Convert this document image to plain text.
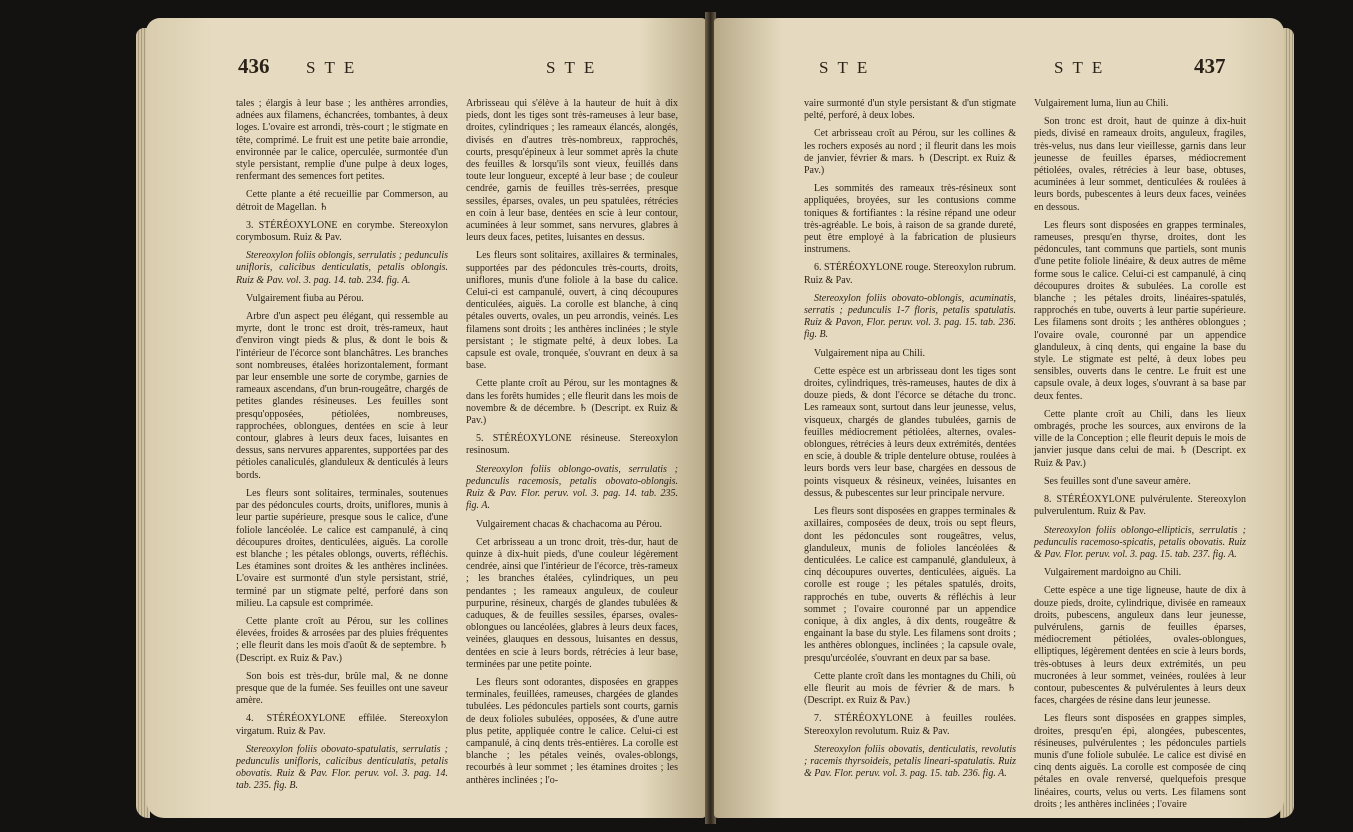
436 STE	STE

tales ; élargis à leur base ; les anthères arrondies, adnées aux filamens, échancrées, tombantes, à deux loges. L'ovaire est arrondi, très-court ; le stigmate en tête, comprimé. Le fruit est une petite baie arrondie, environnée par le calice, operculée, surmontée d'un style persistant, remplie d'une pulpe à deux loges, renfermant des semences fort petites.

Cette plante a été recueillie par Commerson, au détroit de Magellan. ♄

3. STÉRÉOXYLONE en corymbe. Stereoxylon corymbosum. Ruiz & Pav.

Stereoxylon foliis oblongis, serrulatis ; pedunculis unifloris, calicibus denticulatis, petalis oblongis. Ruiz & Pav. vol. 3. pag. 14. tab. 234. fig. A.

Vulgairement fiuba au Pérou.

Arbre d'un aspect peu élégant, qui ressemble au myrte, dont le tronc est droit, très-rameux, haut d'environ vingt pieds & plus, & dont le bois & l'intérieur de l'écorce sont blanchâtres. Les branches sont nombreuses, étalées horizontalement, formant par leur ensemble une sorte de corymbe, garnies de rameaux ascendans, d'un brun-rougeâtre, chargés de petites glandes résineuses. Les feuilles sont presqu'opposées, pétiolées, nombreuses, rapprochées, oblongues, dentées en scie à leur contour, glabres à leurs deux faces, luisantes en dessus, sans nervures apparentes, supportées par des pétioles canaliculés, glanduleux & denticulés à leurs bords.

Les fleurs sont solitaires, terminales, soutenues par des pédoncules courts, droits, uniflores, munis à leur partie supérieure, presque sous le calice, d'une foliole lancéolée. Le calice est campanulé, à cinq découpures droites, denticulées, aiguës. La corolle est blanche ; les pétales oblongs, ouverts, réfléchis. Les étamines sont droites & les anthères inclinées. L'ovaire est surmonté d'un style persistant, strié, terminé par un stigmate pelté, perforé dans son milieu. La capsule est comprimée.

Cette plante croît au Pérou, sur les collines élevées, froides & arrosées par des pluies fréquentes ; elle fleurit dans les mois d'août & de septembre. ♄ (Descript. ex Ruiz & Pav.)

Son bois est très-dur, brûle mal, & ne donne presque que de la fumée. Ses feuilles ont une saveur amère.

4. STÉRÉOXYLONE effilée. Stereoxylon virgatum. Ruiz & Pav.

Stereoxylon foliis obovato-spatulatis, serrulatis ; pedunculis unifloris, calicibus denticulatis, petalis obovatis. Ruiz & Pav. Flor. peruv. vol. 3. pag. 14. tab. 235. fig. B.

Arbrisseau qui s'élève à la hauteur de huit à dix pieds, dont les tiges sont très-rameuses à leur base, droites, cylindriques ; les rameaux élancés, alongés, divisés en d'autres très-nombreux, rapprochés, courts, presqu'épineux à leur sommet après la chute des feuilles & lorsqu'ils sont vieux, feuillés dans toute leur longueur, excepté à leur base ; de couleur cendrée, garnis de feuilles très-serrées, presque sessiles, éparses, ovales, un peu spatulées, rétrécies en coin à leur base, dentées en scie à leur contour, acuminées à leur sommet, sans nervures, glabres à leurs deux faces, petites, luisantes en dessus.

Les fleurs sont solitaires, axillaires & terminales, supportées par des pédoncules très-courts, droits, uniflores, munis d'une foliole à la base du calice. Celui-ci est campanulé, ouvert, à cinq découpures denticulées, aiguës. La corolle est blanche, à cinq pétales ouverts, ovales, un peu arrondis, veinés. Les filamens sont droits ; les anthères inclinées ; le style persistant ; le stigmate pelté, à deux lobes. La capsule est ovale, tronquée, s'ouvrant en deux à sa base.

Cette plante croît au Pérou, sur les montagnes & dans les forêts humides ; elle fleurit dans les mois de novembre & de décembre. ♄ (Descript. ex Ruiz & Pav.)

5. STÉRÉOXYLONE résineuse. Stereoxylon resinosum.

Stereoxylon foliis oblongo-ovatis, serrulatis ; pedunculis racemosis, petalis obovato-oblongis. Ruiz & Pav. Flor. peruv. vol. 3. pag. 14. tab. 235. fig. A.

Vulgairement chacas & chachacoma au Pérou.

Cet arbrisseau a un tronc droit, très-dur, haut de quinze à dix-huit pieds, d'une couleur légèrement cendrée, ainsi que l'intérieur de l'écorce, très-rameux ; les branches étalées, cylindriques, un peu pendantes ; les rameaux anguleux, de couleur purpurine, résineux, chargés de glandes tubulées & caduques, & de feuilles sessiles, éparses, ovales-oblongues ou lancéolées, glabres à leurs deux faces, veinées, glauques en dessous, luisantes en dessus, dentées en scie à leurs bords, rétrécies à leur base, terminées par une petite pointe.

Les fleurs sont odorantes, disposées en grappes terminales, feuillées, rameuses, chargées de glandes tubulées. Les pédoncules partiels sont courts, garnis de deux folioles subulées, opposées, & d'une autre plus petite, appliquée contre le calice. Celui-ci est campanulé, à cinq dents très-entières. La corolle est blanche ; les pétales veinés, ovales-oblongs, recourbés à leur sommet ; les étamines droites ; les anthères inclinées ; l'o-

STE	STE	437

vaire surmonté d'un style persistant & d'un stigmate pelté, perforé, à deux lobes.

Cet arbrisseau croît au Pérou, sur les collines & les rochers exposés au nord ; il fleurit dans les mois de janvier, février & mars. ♄ (Descript. ex Ruiz & Pav.)

Les sommités des rameaux très-résineux sont appliquées, broyées, sur les contusions comme toniques & fortifiantes : la résine répand une odeur très-agréable. Le bois, à raison de sa grande dureté, peut être employé à la fabrication de plusieurs instrumens.

6. STÉRÉOXYLONE rouge. Stereoxylon rubrum. Ruiz & Pav.

Stereoxylon foliis obovato-oblongis, acuminatis, serratis ; pedunculis 1-7 floris, petalis spatulatis. Ruiz & Pavon, Flor. peruv. vol. 3. pag. 15. tab. 236. fig. B.

Vulgairement nipa au Chili.

Cette espèce est un arbrisseau dont les tiges sont droites, cylindriques, très-rameuses, hautes de dix à douze pieds, & dont l'écorce se détache du tronc. Les rameaux sont, surtout dans leur jeunesse, velus, visqueux, chargés de glandes tubulées, garnis de feuilles médiocrement pétiolées, alternes, ovales-oblongues, rétrécies à leurs deux extrémités, dentées en scie, à double & triple dentelure obtuse, roulées à leurs bords vers leur base, chargées en dessous de points visqueux & résineux, veinées, luisantes en dessus, & pubescentes sur leur principale nervure.

Les fleurs sont disposées en grappes terminales & axillaires, composées de deux, trois ou sept fleurs, dont les pédoncules sont rougeâtres, velus, glanduleux, munis de folioles lancéolées & denticulées. Le calice est campanulé, glanduleux, à cinq découpures ouvertes, denticulées, aiguës. La corolle est rouge ; les pétales spatulés, droits, rapprochés en tube, ouverts & réfléchis à leur sommet ; l'ovaire couronné par un appendice conique, à dix angles, à dix dents, rougeâtre & engainant la base du style. Les filamens sont droits ; les anthères oblongues, inclinées ; la capsule ovale, presqu'urcéolée, s'ouvrant en deux par sa base.

Cette plante croît dans les montagnes du Chili, où elle fleurit au mois de février & de mars. ♄ (Descript. ex Ruiz & Pav.)

7. STÉRÉOXYLONE à feuilles roulées. Stereoxylon revolutum. Ruiz & Pav.

Stereoxylon foliis obovatis, denticulatis, revolutis ; racemis thyrsoideis, petalis lineari-spatulatis. Ruiz & Pav. Flor. peruv. vol. 3. pag. 15. tab. 236. fig. A.

Vulgairement luma, liun au Chili.

Son tronc est droit, haut de quinze à dix-huit pieds, divisé en rameaux droits, anguleux, fragiles, très-velus, nus dans leur vieillesse, garnis dans leur jeunesse de feuilles éparses, médiocrement pétiolées, ovales, rétrécies à leur base, obtuses, acuminées à leur sommet, denticulées & roulées à leurs bords, pubescentes à leurs deux faces, veinées en dessous.

Les fleurs sont disposées en grappes terminales, rameuses, presqu'en thyrse, droites, dont les pédoncules, tant communs que partiels, sont munis d'une petite foliole linéaire, & deux autres de même forme sous le calice. Celui-ci est campanulé, à cinq découpures droites & subulées. La corolle est blanche ; les pétales droits, linéaires-spatulés, rapprochés en tube, ouverts à leur partie supérieure. Les filamens sont droits ; les anthères oblongues ; l'ovaire ovale, couronné par un appendice glanduleux, à cinq dents, qui engaine la base du style. Le stigmate est pelté, à deux lobes peu sensibles, ouverts dans le centre. Le fruit est une capsule ovale, à deux loges, s'ouvrant à sa base par deux fentes.

Cette plante croît au Chili, dans les lieux ombragés, proche les sources, aux environs de la ville de la Conception ; elle fleurit depuis le mois de janvier jusque dans celui de mai. ♄ (Descript. ex Ruiz & Pav.)

Ses feuilles sont d'une saveur amère.

8. STÉRÉOXYLONE pulvérulente. Stereoxylon pulverulentum. Ruiz & Pav.

Stereoxylon foliis oblongo-ellipticis, serrulatis ; pedunculis racemoso-spicatis, petalis obovatis. Ruiz & Pav. Flor. peruv. vol. 3. pag. 15. tab. 237. fig. A.

Vulgairement mardoigno au Chili.

Cette espèce a une tige ligneuse, haute de dix à douze pieds, droite, cylindrique, divisée en rameaux droits, pubescens, anguleux dans leur jeunesse, pulvérulens, garnis de feuilles éparses, médiocrement pétiolées, ovales-oblongues, elliptiques, légèrement dentées en scie à leurs bords, très-obtuses à leurs deux extrémités, un peu mucronées à leur sommet, veinées, roulées à leur contour, pubescentes & pulvérulentes à leurs deux faces, chargées de résine dans leur jeunesse.

Les fleurs sont disposées en grappes simples, droites, presqu'en épi, alongées, pubescentes, résineuses, pulvérulentes ; les pédoncules partiels munis d'une foliole subulée. Le calice est divisé en cinq dents aiguës. La corolle est composée de cinq pétales en ovale renversé, quelquefois presque linéaires, courts, velus ou verts. Les filamens sont droits ; les anthères inclinées ; l'ovaire
